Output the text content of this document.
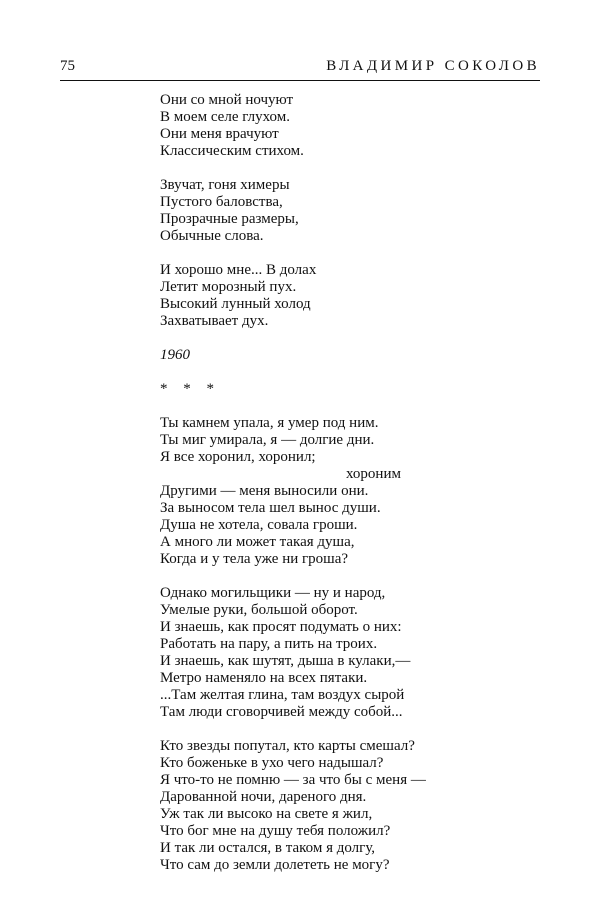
75	ВЛАДИМИР СОКОЛОВ
Они со мной ночуют
В моем селе глухом.
Они меня врачуют
Классическим стихом.
Звучат, гоня химеры
Пустого баловства,
Прозрачные размеры,
Обычные слова.
И хорошо мне... В долах
Летит морозный пух.
Высокий лунный холод
Захватывает дух.
1960
* * *
Ты камнем упала, я умер под ним.
Ты миг умирала, я — долгие дни.
Я все хоронил, хоронил;
хороним
Другими — меня выносили они.
За выносом тела шел вынос души.
Душа не хотела, совала гроши.
А много ли может такая душа,
Когда и у тела уже ни гроша?
Однако могильщики — ну и народ,
Умелые руки, большой оборот.
И знаешь, как просят подумать о них:
Работать на пару, а пить на троих.
И знаешь, как шутят, дыша в кулаки,—
Метро наменяло на всех пятаки.
...Там желтая глина, там воздух сырой
Там люди сговорчивей между собой...
Кто звезды попутал, кто карты смешал?
Кто боженьке в ухо чего надышал?
Я что-то не помню — за что бы с меня —
Дарованной ночи, дареного дня.
Уж так ли высоко на свете я жил,
Что бог мне на душу тебя положил?
И так ли остался, в таком я долгу,
Что сам до земли долететь не могу?
